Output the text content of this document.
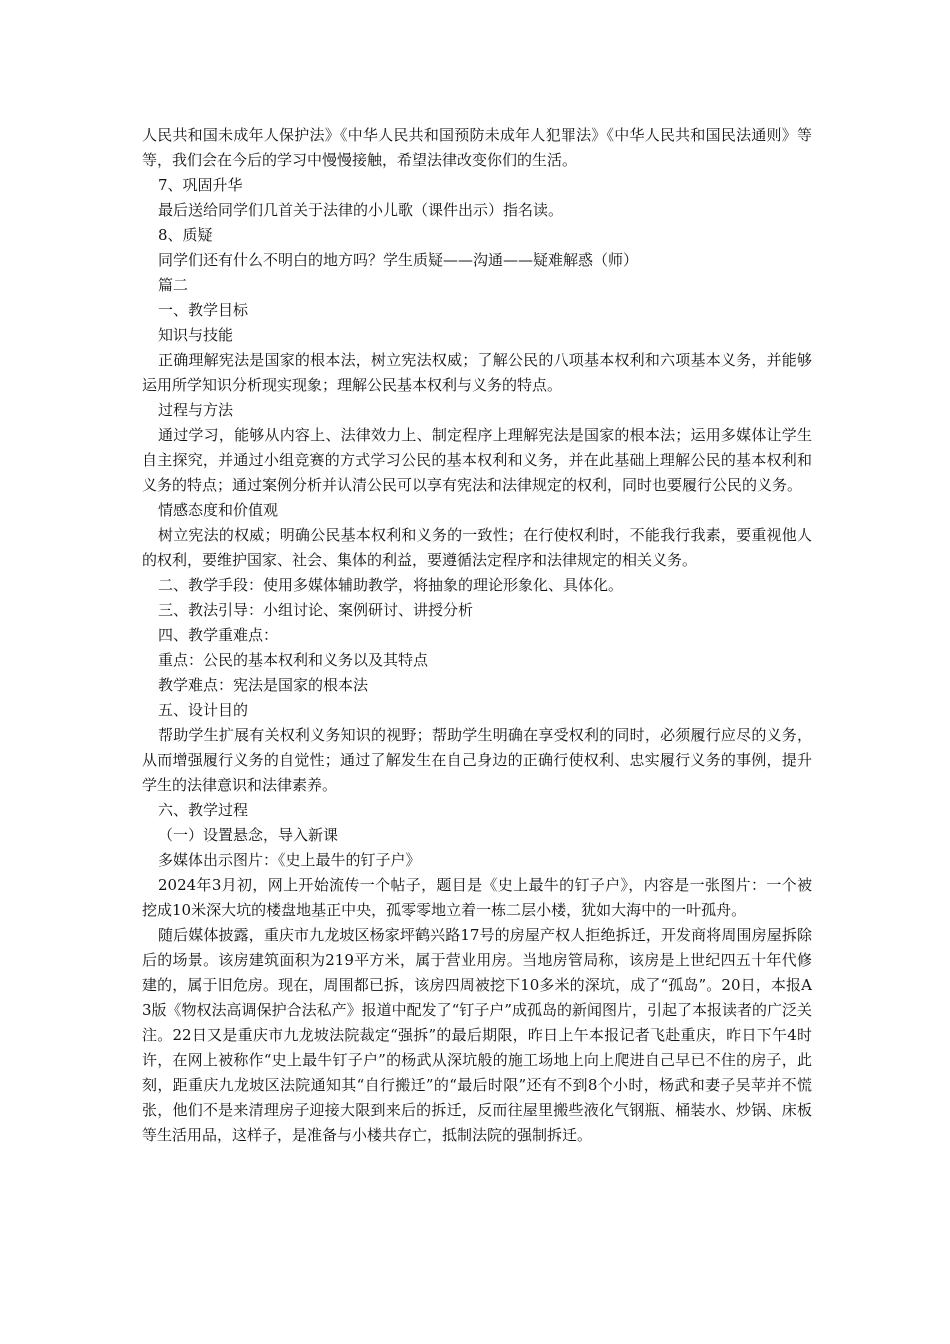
人民共和国未成年人保护法》《中华人民共和国预防未成年人犯罪法》《中华人民共和国民法通则》等等，我们会在今后的学习中慢慢接触，希望法律改变你们的生活。

7、巩固升华

最后送给同学们几首关于法律的小儿歌（课件出示）指名读。

8、质疑

同学们还有什么不明白的地方吗？学生质疑——沟通——疑难解惑（师）

篇二

一、教学目标

知识与技能

正确理解宪法是国家的根本法，树立宪法权威；了解公民的八项基本权利和六项基本义务，并能够运用所学知识分析现实现象；理解公民基本权利与义务的特点。

过程与方法

通过学习，能够从内容上、法律效力上、制定程序上理解宪法是国家的根本法；运用多媒体让学生自主探究，并通过小组竞赛的方式学习公民的基本权利和义务，并在此基础上理解公民的基本权利和义务的特点；通过案例分析并认清公民可以享有宪法和法律规定的权利，同时也要履行公民的义务。

情感态度和价值观

树立宪法的权威；明确公民基本权利和义务的一致性；在行使权利时，不能我行我素，要重视他人的权利，要维护国家、社会、集体的利益，要遵循法定程序和法律规定的相关义务。

二、教学手段：使用多媒体辅助教学，将抽象的理论形象化、具体化。

三、教法引导：小组讨论、案例研讨、讲授分析

四、教学重难点：

重点：公民的基本权利和义务以及其特点

教学难点：宪法是国家的根本法

五、设计目的

帮助学生扩展有关权利义务知识的视野；帮助学生明确在享受权利的同时，必须履行应尽的义务，从而增强履行义务的自觉性；通过了解发生在自己身边的正确行使权利、忠实履行义务的事例，提升学生的法律意识和法律素养。

六、教学过程

（一）设置悬念，导入新课

多媒体出示图片：《史上最牛的钉子户》

2024年3月初，网上开始流传一个帖子，题目是《史上最牛的钉子户》，内容是一张图片：一个被挖成10米深大坑的楼盘地基正中央，孤零零地立着一栋二层小楼，犹如大海中的一叶孤舟。

随后媒体披露，重庆市九龙坡区杨家坪鹤兴路17号的房屋产权人拒绝拆迁，开发商将周围房屋拆除后的场景。该房建筑面积为219平方米，属于营业用房。当地房管局称，该房是上世纪四五十年代修建的，属于旧危房。现在，周围都已拆，该房四周被挖下10多米的深坑，成了“孤岛”。20日，本报A3版《物权法高调保护合法私产》报道中配发了“钉子户”成孤岛的新闻图片，引起了本报读者的广泛关注。22日又是重庆市九龙坡法院裁定“强拆”的最后期限，昨日上午本报记者飞赴重庆，昨日下午4时许，在网上被称作“史上最牛钉子户”的杨武从深坑般的施工场地上向上爬进自己早已不住的房子，此刻，距重庆九龙坡区法院通知其“自行搬迁”的“最后时限”还有不到8个小时，杨武和妻子吴苹并不慌张，他们不是来清理房子迎接大限到来后的拆迁，反而往屋里搬些液化气钢瓶、桶装水、炒锅、床板等生活用品，这样子，是准备与小楼共存亡，抵制法院的强制拆迁。
